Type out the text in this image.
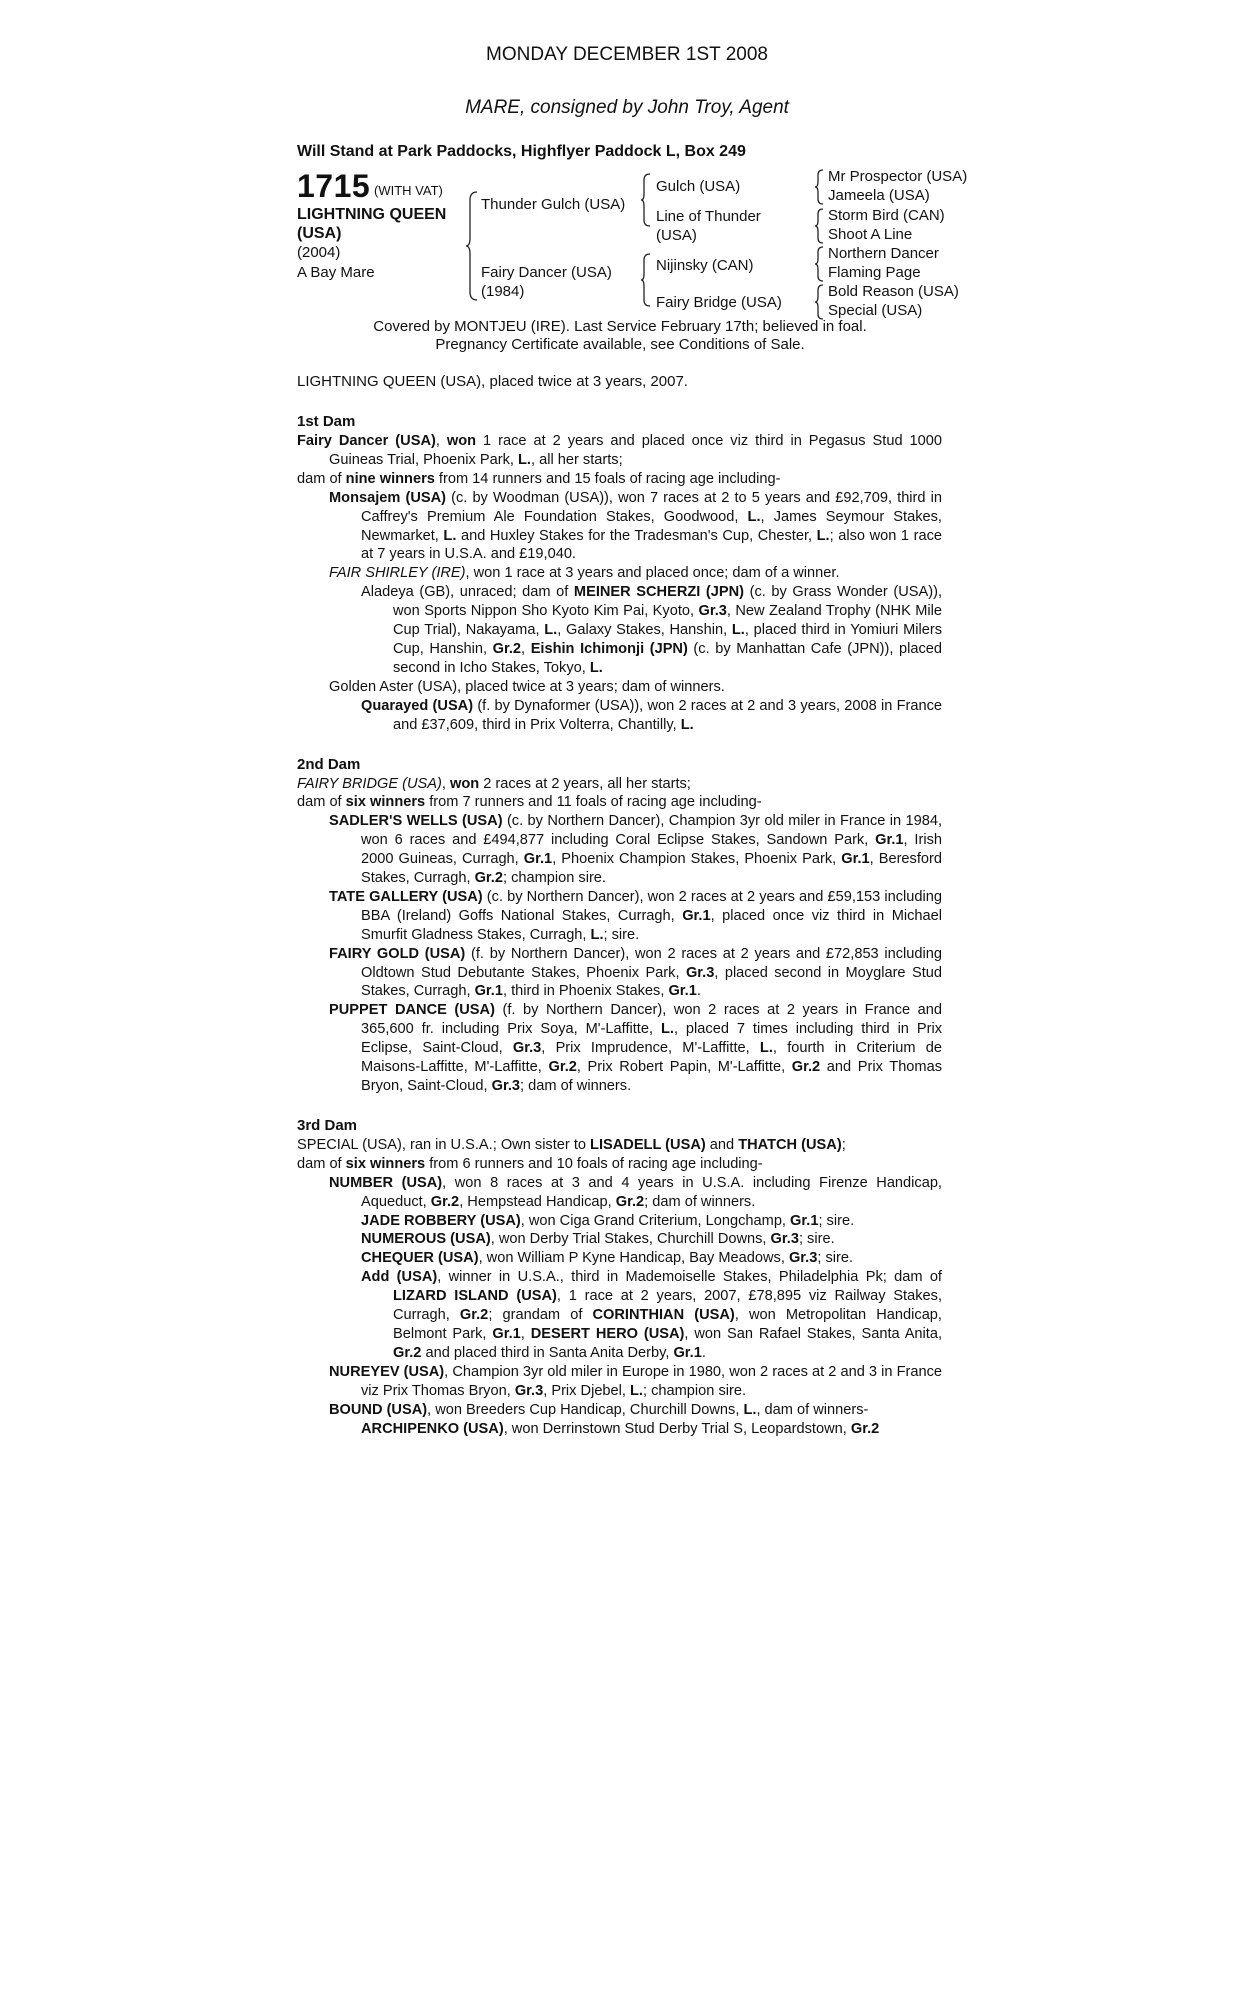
MONDAY DECEMBER 1ST 2008
MARE, consigned by John Troy, Agent
Will Stand at Park Paddocks, Highflyer Paddock L, Box 249
1715 (WITH VAT)
LIGHTNING QUEEN (USA)
(2004)
A Bay Mare
Thunder Gulch (USA)
Fairy Dancer (USA)
(1984)
Gulch (USA)
Line of Thunder
(USA)
Nijinsky (CAN)
Fairy Bridge (USA)
Mr Prospector (USA)
Jameela (USA)
Storm Bird (CAN)
Shoot A Line
Northern Dancer
Flaming Page
Bold Reason (USA)
Special (USA)
Covered by MONTJEU (IRE). Last Service February 17th; believed in foal.
Pregnancy Certificate available, see Conditions of Sale.
LIGHTNING QUEEN (USA), placed twice at 3 years, 2007.
1st Dam

Fairy Dancer (USA), won 1 race at 2 years and placed once viz third in Pegasus Stud 1000 Guineas Trial, Phoenix Park, L., all her starts;

dam of nine winners from 14 runners and 15 foals of racing age including-

Monsajem (USA) (c. by Woodman (USA)), won 7 races at 2 to 5 years and £92,709, third in Caffrey's Premium Ale Foundation Stakes, Goodwood, L., James Seymour Stakes, Newmarket, L. and Huxley Stakes for the Tradesman's Cup, Chester, L.; also won 1 race at 7 years in U.S.A. and £19,040.

FAIR SHIRLEY (IRE), won 1 race at 3 years and placed once; dam of a winner.

Aladeya (GB), unraced; dam of MEINER SCHERZI (JPN) (c. by Grass Wonder (USA)), won Sports Nippon Sho Kyoto Kim Pai, Kyoto, Gr.3, New Zealand Trophy (NHK Mile Cup Trial), Nakayama, L., Galaxy Stakes, Hanshin, L., placed third in Yomiuri Milers Cup, Hanshin, Gr.2, Eishin Ichimonji (JPN) (c. by Manhattan Cafe (JPN)), placed second in Icho Stakes, Tokyo, L.

Golden Aster (USA), placed twice at 3 years; dam of winners.

Quarayed (USA) (f. by Dynaformer (USA)), won 2 races at 2 and 3 years, 2008 in France and £37,609, third in Prix Volterra, Chantilly, L.

2nd Dam

FAIRY BRIDGE (USA), won 2 races at 2 years, all her starts;

dam of six winners from 7 runners and 11 foals of racing age including-

SADLER'S WELLS (USA) (c. by Northern Dancer), Champion 3yr old miler in France in 1984, won 6 races and £494,877 including Coral Eclipse Stakes, Sandown Park, Gr.1, Irish 2000 Guineas, Curragh, Gr.1, Phoenix Champion Stakes, Phoenix Park, Gr.1, Beresford Stakes, Curragh, Gr.2; champion sire.

TATE GALLERY (USA) (c. by Northern Dancer), won 2 races at 2 years and £59,153 including BBA (Ireland) Goffs National Stakes, Curragh, Gr.1, placed once viz third in Michael Smurfit Gladness Stakes, Curragh, L.; sire.

FAIRY GOLD (USA) (f. by Northern Dancer), won 2 races at 2 years and £72,853 including Oldtown Stud Debutante Stakes, Phoenix Park, Gr.3, placed second in Moyglare Stud Stakes, Curragh, Gr.1, third in Phoenix Stakes, Gr.1.

PUPPET DANCE (USA) (f. by Northern Dancer), won 2 races at 2 years in France and 365,600 fr. including Prix Soya, M'-Laffitte, L., placed 7 times including third in Prix Eclipse, Saint-Cloud, Gr.3, Prix Imprudence, M'-Laffitte, L., fourth in Criterium de Maisons-Laffitte, M'-Laffitte, Gr.2, Prix Robert Papin, M'-Laffitte, Gr.2 and Prix Thomas Bryon, Saint-Cloud, Gr.3; dam of winners.

3rd Dam

SPECIAL (USA), ran in U.S.A.; Own sister to LISADELL (USA) and THATCH (USA);

dam of six winners from 6 runners and 10 foals of racing age including-

NUMBER (USA), won 8 races at 3 and 4 years in U.S.A. including Firenze Handicap, Aqueduct, Gr.2, Hempstead Handicap, Gr.2; dam of winners.

JADE ROBBERY (USA), won Ciga Grand Criterium, Longchamp, Gr.1; sire.

NUMEROUS (USA), won Derby Trial Stakes, Churchill Downs, Gr.3; sire.

CHEQUER (USA), won William P Kyne Handicap, Bay Meadows, Gr.3; sire.

Add (USA), winner in U.S.A., third in Mademoiselle Stakes, Philadelphia Pk; dam of LIZARD ISLAND (USA), 1 race at 2 years, 2007, £78,895 viz Railway Stakes, Curragh, Gr.2; grandam of CORINTHIAN (USA), won Metropolitan Handicap, Belmont Park, Gr.1, DESERT HERO (USA), won San Rafael Stakes, Santa Anita, Gr.2 and placed third in Santa Anita Derby, Gr.1.

NUREYEV (USA), Champion 3yr old miler in Europe in 1980, won 2 races at 2 and 3 in France viz Prix Thomas Bryon, Gr.3, Prix Djebel, L.; champion sire.

BOUND (USA), won Breeders Cup Handicap, Churchill Downs, L., dam of winners-

ARCHIPENKO (USA), won Derrinstown Stud Derby Trial S, Leopardstown, Gr.2
